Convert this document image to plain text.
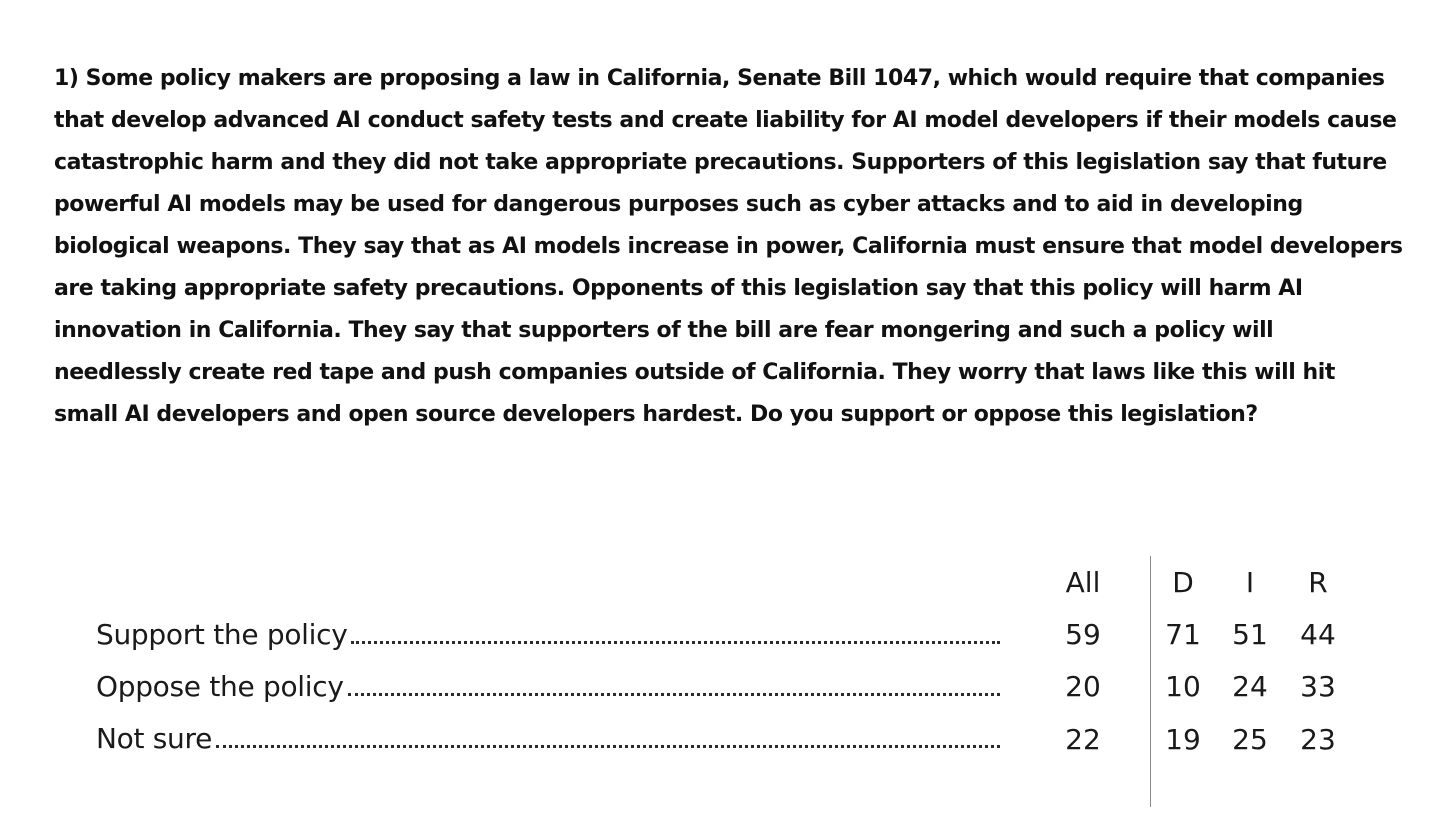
1) Some policy makers are proposing a law in California, Senate Bill 1047, which would require that companies that develop advanced AI conduct safety tests and create liability for AI model developers if their models cause catastrophic harm and they did not take appropriate precautions. Supporters of this legislation say that future powerful AI models may be used for dangerous purposes such as cyber attacks and to aid in developing biological weapons. They say that as AI models increase in power, California must ensure that model developers are taking appropriate safety precautions. Opponents of this legislation say that this policy will harm AI innovation in California. They say that supporters of the bill are fear mongering and such a policy will needlessly create red tape and push companies outside of California. They worry that laws like this will hit small AI developers and open source developers hardest. Do you support or oppose this legislation?

All	D	I	R
Support the policy	59	71	51	44
Oppose the policy	20	10	24	33
Not sure	22	19	25	23
